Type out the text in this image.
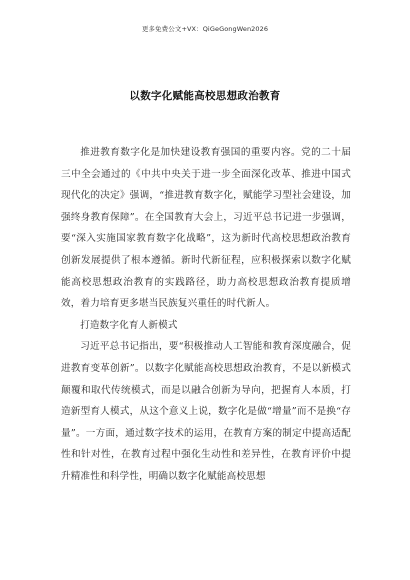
更多免费公文+VX：QiGeGongWen2026
以数字化赋能高校思想政治教育

推进教育数字化是加快建设教育强国的重要内容。党的二十届三中全会通过的《中共中央关于进一步全面深化改革、推进中国式现代化的决定》强调，“推进教育数字化，赋能学习型社会建设，加强终身教育保障”。在全国教育大会上，习近平总书记进一步强调，要“深入实施国家教育数字化战略”，这为新时代高校思想政治教育创新发展提供了根本遵循。新时代新征程，应积极探索以数字化赋能高校思想政治教育的实践路径，助力高校思想政治教育提质增效，着力培育更多堪当民族复兴重任的时代新人。

打造数字化育人新模式

习近平总书记指出，要“积极推动人工智能和教育深度融合，促进教育变革创新”。以数字化赋能高校思想政治教育，不是以新模式颠覆和取代传统模式，而是以融合创新为导向，把握育人本质，打造新型育人模式，从这个意义上说，数字化是做“增量”而不是换“存量”。一方面，通过数字技术的运用，在教育方案的制定中提高适配性和针对性，在教育过程中强化生动性和差异性，在教育评价中提升精准性和科学性，明确以数字化赋能高校思想
